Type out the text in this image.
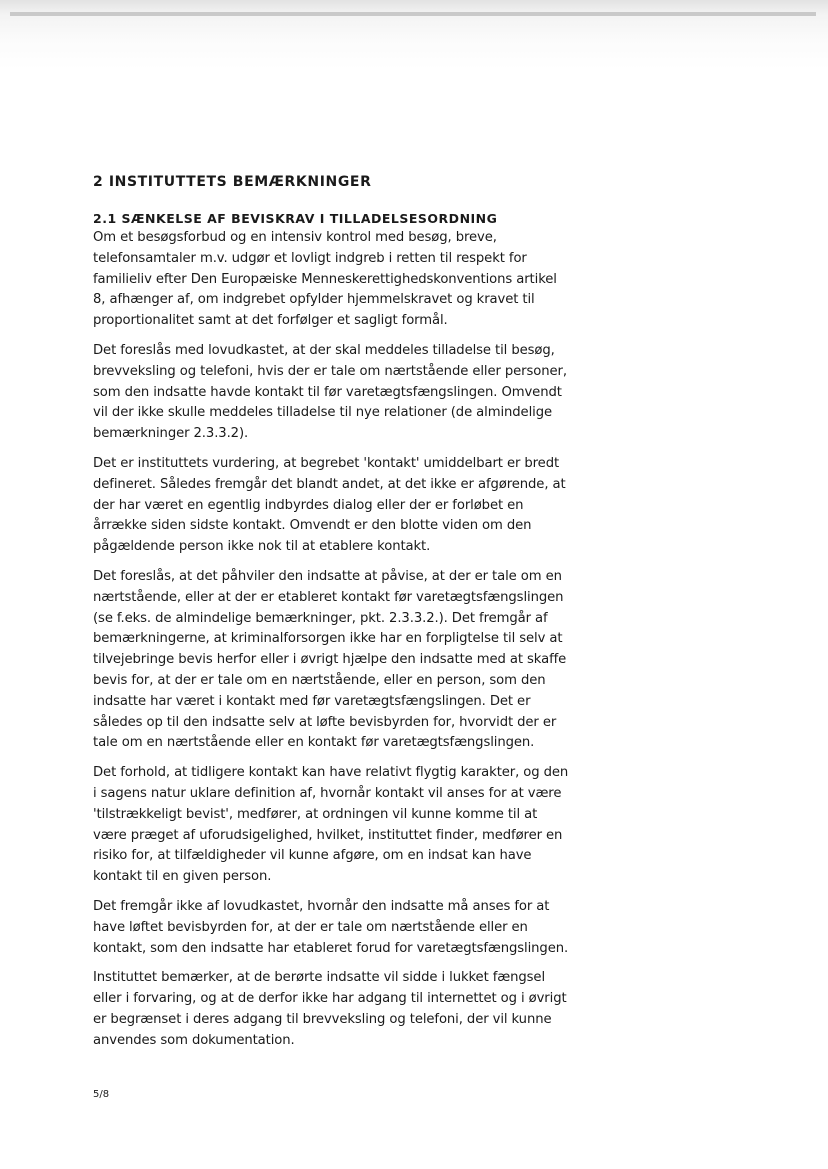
2 INSTITUTTETS BEMÆRKNINGER
2.1 SÆNKELSE AF BEVISKRAV I TILLADELSESORDNING

Om et besøgsforbud og en intensiv kontrol med besøg, breve, telefonsamtaler m.v. udgør et lovligt indgreb i retten til respekt for familieliv efter Den Europæiske Menneskerettighedskonventions artikel 8, afhænger af, om indgrebet opfylder hjemmelskravet og kravet til proportionalitet samt at det forfølger et sagligt formål.

Det foreslås med lovudkastet, at der skal meddeles tilladelse til besøg, brevveksling og telefoni, hvis der er tale om nærtstående eller personer, som den indsatte havde kontakt til før varetægtsfængslingen. Omvendt vil der ikke skulle meddeles tilladelse til nye relationer (de almindelige bemærkninger 2.3.3.2).

Det er instituttets vurdering, at begrebet 'kontakt' umiddelbart er bredt defineret. Således fremgår det blandt andet, at det ikke er afgørende, at der har været en egentlig indbyrdes dialog eller der er forløbet en årrække siden sidste kontakt. Omvendt er den blotte viden om den pågældende person ikke nok til at etablere kontakt.

Det foreslås, at det påhviler den indsatte at påvise, at der er tale om en nærtstående, eller at der er etableret kontakt før varetægtsfængslingen (se f.eks. de almindelige bemærkninger, pkt. 2.3.3.2.). Det fremgår af bemærkningerne, at kriminalforsorgen ikke har en forpligtelse til selv at tilvejebringe bevis herfor eller i øvrigt hjælpe den indsatte med at skaffe bevis for, at der er tale om en nærtstående, eller en person, som den indsatte har været i kontakt med før varetægtsfængslingen. Det er således op til den indsatte selv at løfte bevisbyrden for, hvorvidt der er tale om en nærtstående eller en kontakt før varetægtsfængslingen.

Det forhold, at tidligere kontakt kan have relativt flygtig karakter, og den i sagens natur uklare definition af, hvornår kontakt vil anses for at være 'tilstrækkeligt bevist', medfører, at ordningen vil kunne komme til at være præget af uforudsigelighed, hvilket, instituttet finder, medfører en risiko for, at tilfældigheder vil kunne afgøre, om en indsat kan have kontakt til en given person.

Det fremgår ikke af lovudkastet, hvornår den indsatte må anses for at have løftet bevisbyrden for, at der er tale om nærtstående eller en kontakt, som den indsatte har etableret forud for varetægtsfængslingen.

Instituttet bemærker, at de berørte indsatte vil sidde i lukket fængsel eller i forvaring, og at de derfor ikke har adgang til internettet og i øvrigt er begrænset i deres adgang til brevveksling og telefoni, der vil kunne anvendes som dokumentation.

5/8
